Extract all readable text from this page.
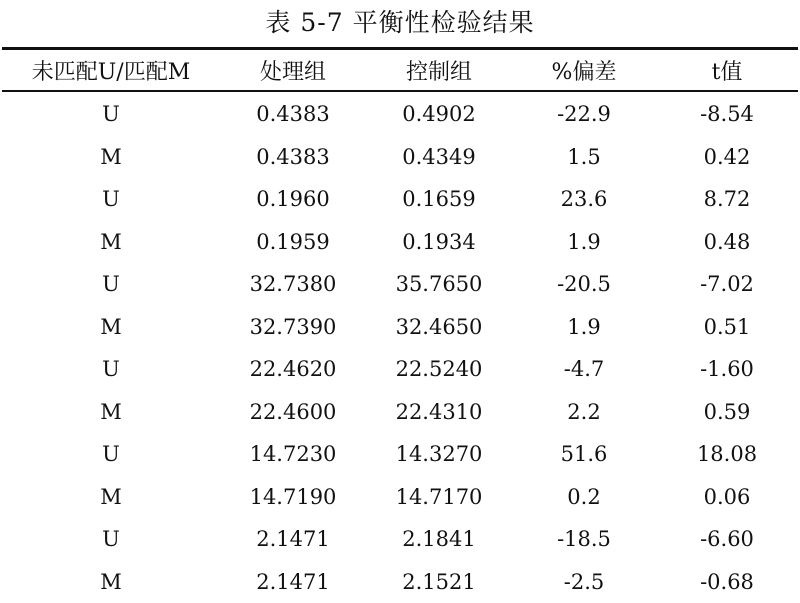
表 5-7 平衡性检验结果
未匹配U/匹配M	处理组	控制组	%偏差	t值

U	0.4383	0.4902	-22.9	-8.54
M	0.4383	0.4349	1.5	0.42
U	0.1960	0.1659	23.6	8.72
M	0.1959	0.1934	1.9	0.48
U	32.7380	35.7650	-20.5	-7.02
M	32.7390	32.4650	1.9	0.51
U	22.4620	22.5240	-4.7	-1.60
M	22.4600	22.4310	2.2	0.59
U	14.7230	14.3270	51.6	18.08
M	14.7190	14.7170	0.2	0.06
U	2.1471	2.1841	-18.5	-6.60
M	2.1471	2.1521	-2.5	-0.68
